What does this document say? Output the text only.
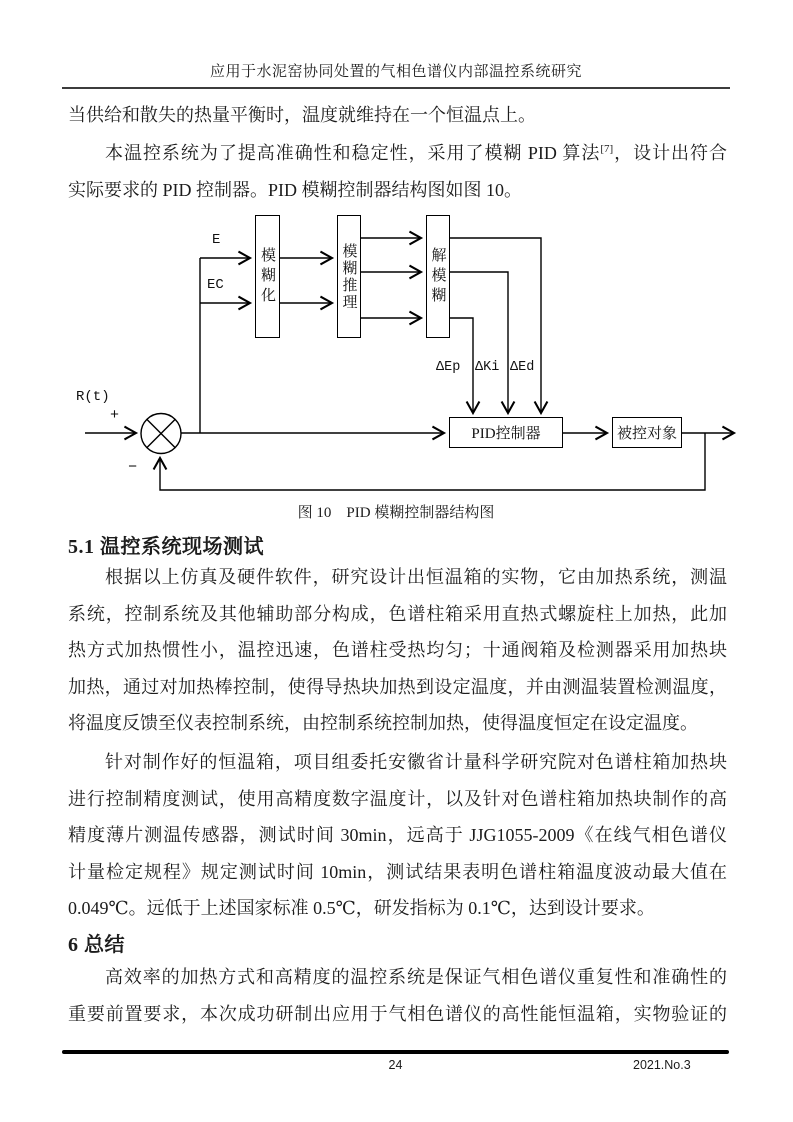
应用于水泥窑协同处置的气相色谱仪内部温控系统研究
当供给和散失的热量平衡时，温度就维持在一个恒温点上。
本温控系统为了提高准确性和稳定性，采用了模糊 PID 算法[7]，设计出符合
实际要求的 PID 控制器。PID 模糊控制器结构图如图 10。
模糊化	模糊推理	解模糊
PID控制器	被控对象
E
EC
R(t)
+
−
ΔEp ΔKi ΔEd
图 10　PID 模糊控制器结构图
5.1 温控系统现场测试
根据以上仿真及硬件软件，研究设计出恒温箱的实物，它由加热系统，测温
系统，控制系统及其他辅助部分构成，色谱柱箱采用直热式螺旋柱上加热，此加
热方式加热惯性小，温控迅速，色谱柱受热均匀；十通阀箱及检测器采用加热块
加热，通过对加热棒控制，使得导热块加热到设定温度，并由测温装置检测温度，
将温度反馈至仪表控制系统，由控制系统控制加热，使得温度恒定在设定温度。
针对制作好的恒温箱，项目组委托安徽省计量科学研究院对色谱柱箱加热块
进行控制精度测试，使用高精度数字温度计，以及针对色谱柱箱加热块制作的高
精度薄片测温传感器，测试时间 30min，远高于 JJG1055-2009《在线气相色谱仪
计量检定规程》规定测试时间 10min，测试结果表明色谱柱箱温度波动最大值在
0.049℃。远低于上述国家标准 0.5℃，研发指标为 0.1℃，达到设计要求。
6 总结
高效率的加热方式和高精度的温控系统是保证气相色谱仪重复性和准确性的
重要前置要求，本次成功研制出应用于气相色谱仪的高性能恒温箱，实物验证的
24	2021.No.3
